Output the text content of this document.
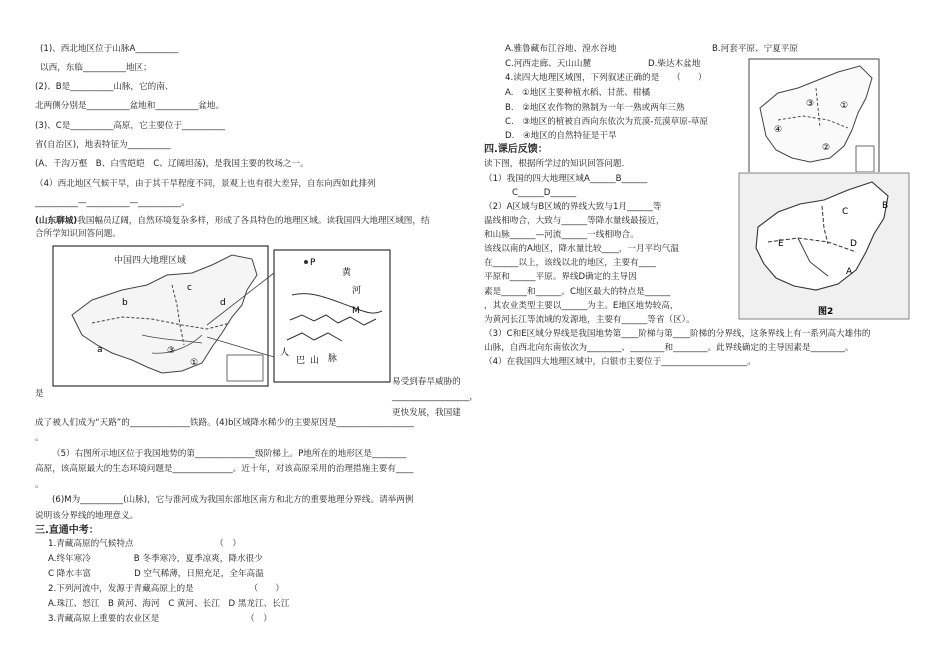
(1)、西北地区位于山脉A__________
以西，东临__________地区；
(2)、B是__________山脉，它的南、
北两侧分别是__________盆地和__________盆地。
(3)、C是__________高原，它主要位于__________
省(自治区)，地表特征为__________
(A、千沟万壑　B、白雪皑皑　C、辽阔坦荡)，是我国主要的牧场之一。
（4）西北地区气候干旱，由于其干旱程度不同，景观上也有很大差异，自东向西如此排列
__________—__________—__________。
(山东聊城)我国幅员辽阔，自然环境复杂多样，形成了各具特色的地理区域。读我国四大地理区域图，结
合所学知识回答问题。
中国四大地理区域
b
a
c
d
③
①
P
黄
河
M
人
巴 山 脉
是
易受到春旱威胁的
__________________，
更快发展，我国建
成了被人们成为“天路”的______________铁路。(4)b区域降水稀少的主要原因是__________________
。
（5）右图所示地区位于我国地势的第______________级阶梯上。P地所在的地形区是________
高原，该高原最大的生态环境问题是______________。近十年，对该高原采用的治理措施主要有____
。
(6)M为__________(山脉)，它与淮河成为我国东部地区南方和北方的重要地理分界线。请举两例
说明该分界线的地理意义。
三.直通中考：
1.青藏高原的气候特点　　　　　　　　　　（　）
A.终年寒冷　　　　　B 冬季寒冷，夏季凉爽，降水很少
C 降水丰富　　　　　D 空气稀薄，日照充足，全年高温
2.下列河流中，发源于青藏高原上的是　　　　　　　（　　）
A.珠江、怒江　B 黄河、海河　C 黄河、长江　D 黑龙江、长江
3.青藏高原上重要的农业区是	（　）
A.雅鲁藏布江谷地、湟水谷地	B.河套平原、宁夏平原
C.河西走廊、天山山麓	D.柴达木盆地
4.读四大地理区域图，下列叙述正确的是　　（　　）
A.　①地区主要种植水稻、甘蔗、柑橘
B.　②地区农作物的熟制为一年一熟或两年三熟
C.　③地区的植被自西向东依次为荒漠-荒漠草原-草原
D.　④地区的自然特征是干旱
③
④
①
②
四.课后反馈：
读下图，根据所学过的知识回答问题.
（1）我国的四大地理区域A______B______
C______D______
（2）A区域与B区域的界线大致与1月______等
温线相吻合，大致与______等降水量线最接近，
和山脉______—河流______一线相吻合。
该线以南的A地区，降水量比较____，一月平均气温
在______以上，该线以北的地区，主要有____
平原和______平原。界线D确定的主导因
素是______和______。C地区最大的特点是______
，其农业类型主要以______为主。E地区地势较高，
为黄河长江等流域的发源地，主要有______等省（区）。
B
C
D
E
A
图2
（3）C和E区域分界线是我国地势第____阶梯与第____阶梯的分界线，这条界线上有一系列高大雄伟的
山脉，自西北向东南依次为________、________和________。此界线确定的主导因素是________。
（4）在我国四大地理区域中，白银市主要位于____________________。
